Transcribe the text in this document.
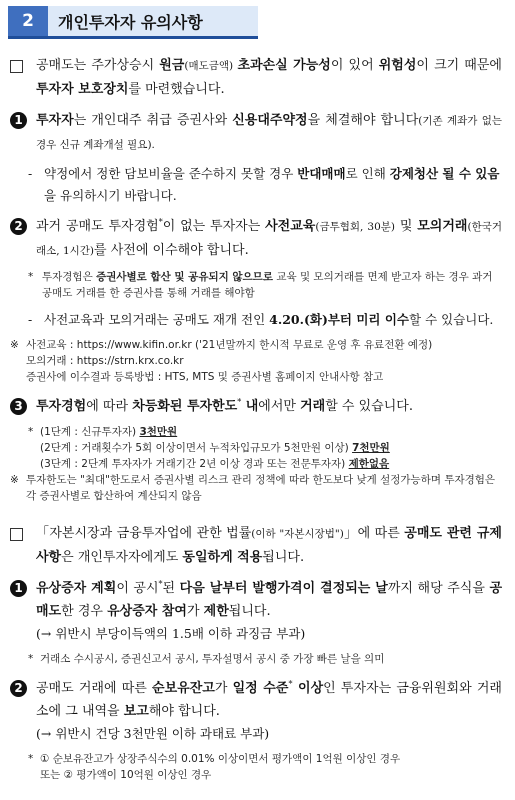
2	개인투자자 유의사항
공매도는 주가상승시 원금(매도금액) 초과손실 가능성이 있어 위험성이 크기 때문에 투자자 보호장치를 마련했습니다.
1	투자자는 개인대주 취급 증권사와 신용대주약정을 체결해야 합니다(기존 계좌가 없는 경우 신규 계좌개설 필요).
- 약정에서 정한 담보비율을 준수하지 못할 경우 반대매매로 인해 강제청산 될 수 있음을 유의하시기 바랍니다.
2	과거 공매도 투자경험*이 없는 투자자는 사전교육(금투협회, 30분) 및 모의거래(한국거래소, 1시간)를 사전에 이수해야 합니다.
* 투자경험은 증권사별로 합산 및 공유되지 않으므로 교육 및 모의거래를 면제 받고자 하는 경우 과거 공매도 거래를 한 증권사를 통해 거래를 해야함
- 사전교육과 모의거래는 공매도 재개 전인 4.20.(화)부터 미리 이수할 수 있습니다.
※ 사전교육 : https://www.kifin.or.kr ('21년말까지 한시적 무료로 운영 후 유료전환 예정)
모의거래 : https://strn.krx.co.kr
증권사에 이수결과 등록방법 : HTS, MTS 및 증권사별 홈페이지 안내사항 참고
3	투자경험에 따라 차등화된 투자한도* 내에서만 거래할 수 있습니다.
* (1단계 : 신규투자자) 3천만원
(2단계 : 거래횟수가 5회 이상이면서 누적차입규모가 5천만원 이상) 7천만원
(3단계 : 2단계 투자자가 거래기간 2년 이상 경과 또는 전문투자자) 제한없음
※ 투자한도는 "최대"한도로서 증권사별 리스크 관리 정책에 따라 한도보다 낮게 설정가능하며 투자경험은 각 증권사별로 합산하여 계산되지 않음
「자본시장과 금융투자업에 관한 법률(이하 "자본시장법")」에 따른 공매도 관련 규제사항은 개인투자자에게도 동일하게 적용됩니다.
1	유상증자 계획이 공시*된 다음 날부터 발행가격이 결정되는 날까지 해당 주식을 공매도한 경우 유상증자 참여가 제한됩니다.
(→ 위반시 부당이득액의 1.5배 이하 과징금 부과)
* 거래소 수시공시, 증권신고서 공시, 투자설명서 공시 중 가장 빠른 날을 의미
2	공매도 거래에 따른 순보유잔고가 일정 수준* 이상인 투자자는 금융위원회와 거래소에 그 내역을 보고해야 합니다.
(→ 위반시 건당 3천만원 이하 과태료 부과)
* ① 순보유잔고가 상장주식수의 0.01% 이상이면서 평가액이 1억원 이상인 경우
또는 ② 평가액이 10억원 이상인 경우
